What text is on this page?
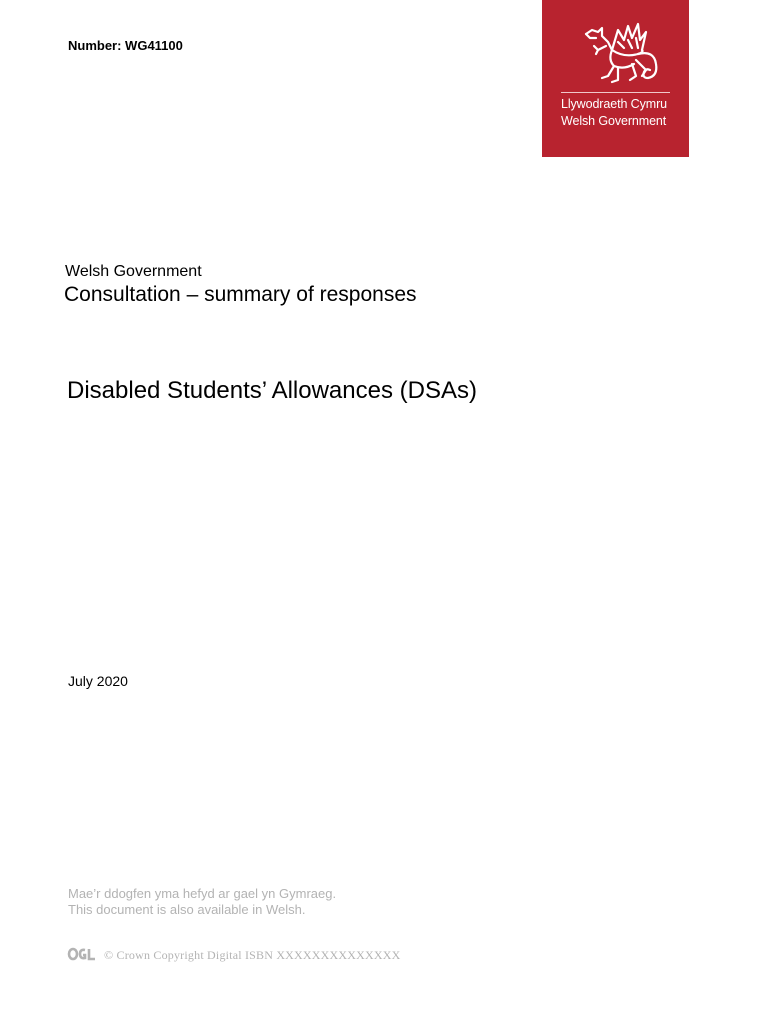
Number: WG41100
Llywodraeth Cymru
Welsh Government
Welsh Government
Consultation – summary of responses
Disabled Students’ Allowances (DSAs)
July 2020
Mae’r ddogfen yma hefyd ar gael yn Gymraeg.
This document is also available in Welsh.
© Crown Copyright Digital ISBN XXXXXXXXXXXXXX
